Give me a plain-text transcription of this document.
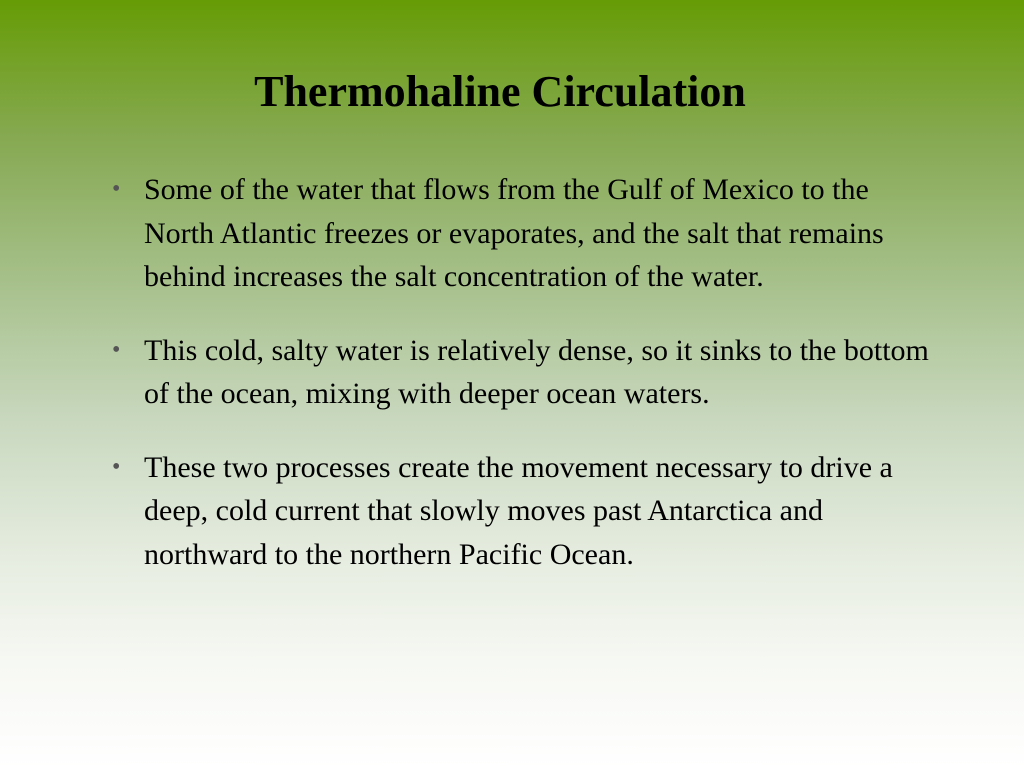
Thermohaline Circulation
• Some of the water that flows from the Gulf of Mexico to the North Atlantic freezes or evaporates, and the salt that remains behind increases the salt concentration of the water.
• This cold, salty water is relatively dense, so it sinks to the bottom of the ocean, mixing with deeper ocean waters.
• These two processes create the movement necessary to drive a deep, cold current that slowly moves past Antarctica and northward to the northern Pacific Ocean.
